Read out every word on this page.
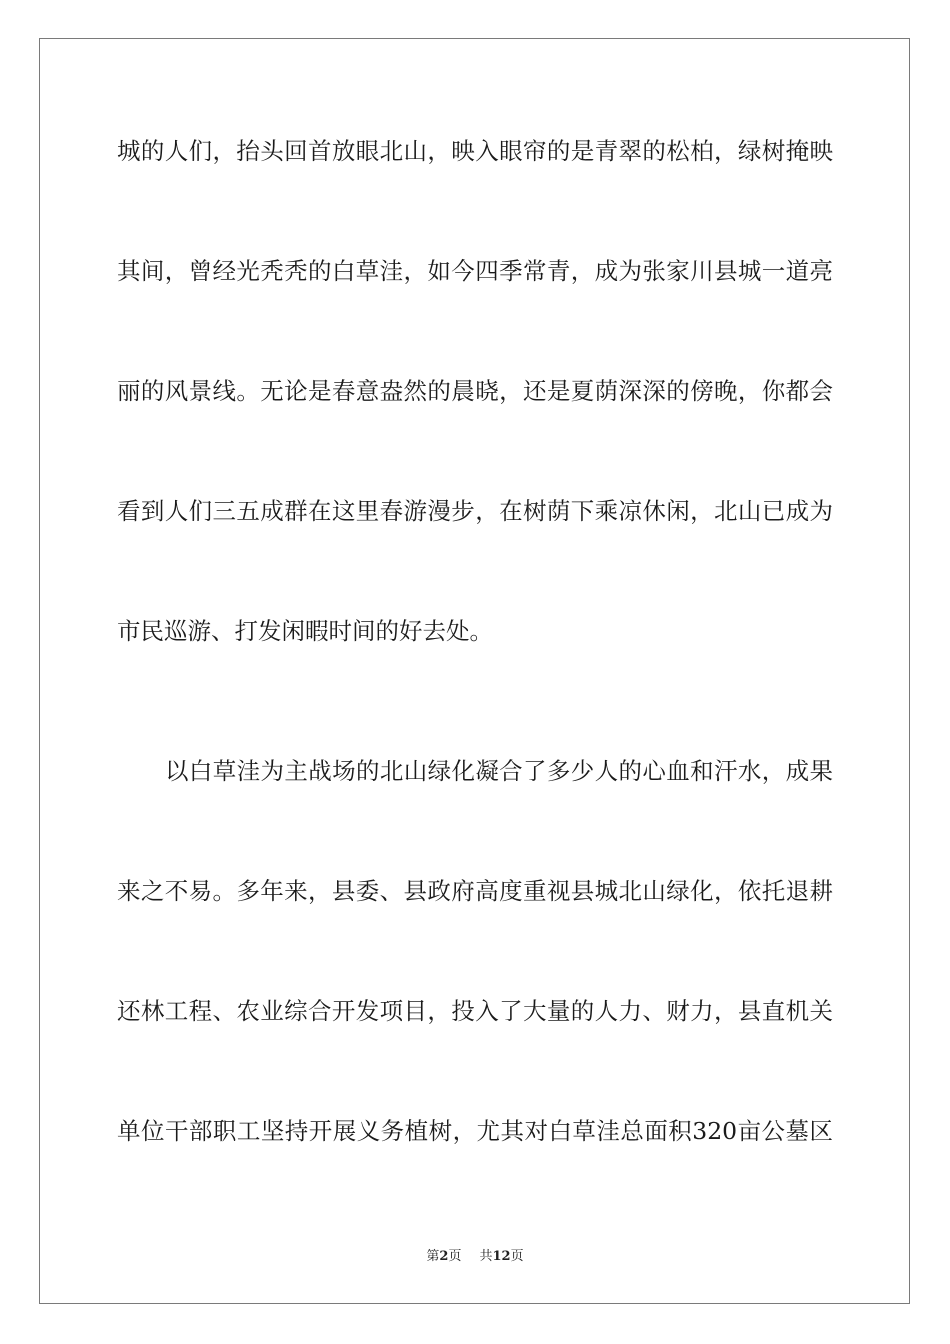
城的人们，抬头回首放眼北山，映入眼帘的是青翠的松柏，绿树掩映
其间，曾经光秃秃的白草洼，如今四季常青，成为张家川县城一道亮
丽的风景线。无论是春意盎然的晨晓，还是夏荫深深的傍晚，你都会
看到人们三五成群在这里春游漫步，在树荫下乘凉休闲，北山已成为
市民巡游、打发闲暇时间的好去处。
以白草洼为主战场的北山绿化凝合了多少人的心血和汗水，成果
来之不易。多年来，县委、县政府高度重视县城北山绿化，依托退耕
还林工程、农业综合开发项目，投入了大量的人力、财力，县直机关
单位干部职工坚持开展义务植树，尤其对白草洼总面积320亩公墓区
第2页 共12页
